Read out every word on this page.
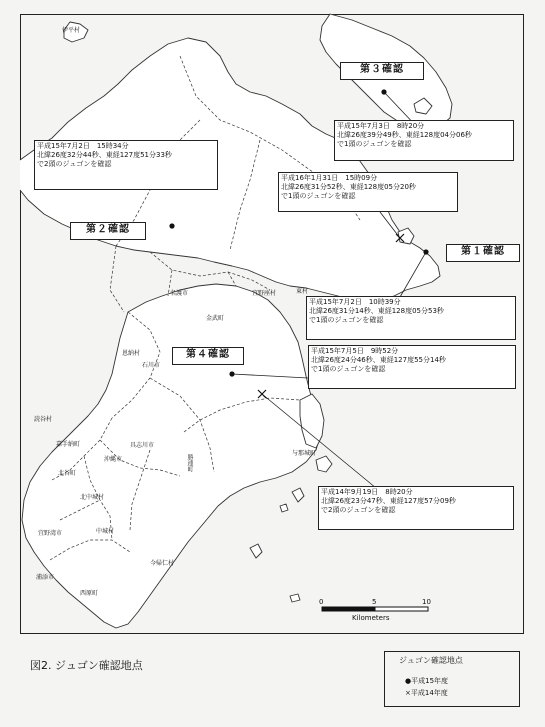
伊平村
東村
名護市	宜野座村
金武町
石川市
恩納村
読谷村
具志川市
沖縄市
嘉手納町
北谷町
勝連町
与那城町
北中城村
中城村
宜野湾市
西原町
浦添市
今帰仁村
第３確認
第２確認
第１確認
第４確認
平成15年7月3日　8時20分
北緯26度39分49秒、東経128度04分06秒
で1頭のジュゴンを確認
平成15年7月2日　15時34分
北緯26度32分44秒、東経127度51分33秒
で2頭のジュゴンを確認
平成16年1月31日　15時09分
北緯26度31分52秒、東経128度05分20秒
で1頭のジュゴンを確認
平成15年7月2日　10時39分
北緯26度31分14秒、東経128度05分53秒
で1頭のジュゴンを確認
平成15年7月5日　9時52分
北緯26度24分46秒、東経127度55分14秒
で1頭のジュゴンを確認
平成14年9月19日　8時20分
北緯26度23分47秒、東経127度57分09秒
で2頭のジュゴンを確認
0	5	10
Kilometers
図2. ジュゴン確認地点	ジュゴン確認地点
●平成15年度
×平成14年度
